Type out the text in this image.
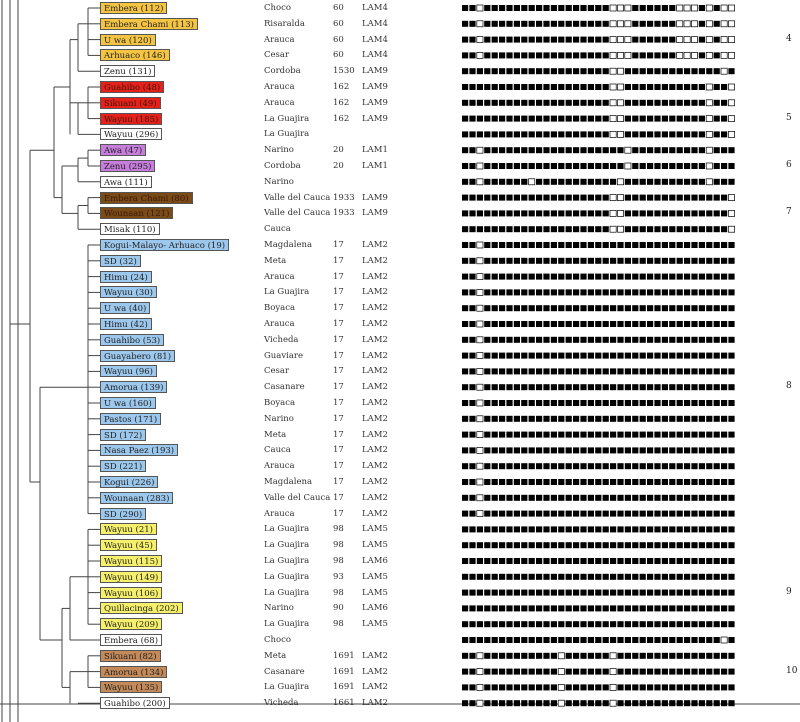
Embera (112)	Choco	60 LAM4
Embera Chami (113)	Risaralda	60 LAM4
U wa (120)	Arauca	60 LAM4
Arhuaco (146)	Cesar	60 LAM4
Zenu (131)	Cordoba	1530 LAM9
Guahibo (48)	Arauca	162 LAM9
Sikuani (49)	Arauca	162 LAM9
Wayuu (185)	La Guajira	162 LAM9
Wayuu (296)	La Guajira
Awa (47)	Narino	20 LAM1
Zenu (295)	Cordoba	20 LAM1
Awa (111)	Narino
Embera Chami (80)	Valle del Cauca 1933 LAM9
Wounaan (121)	Valle del Cauca 1933 LAM9
Misak (110)	Cauca
Kogui-Malayo- Arhuaco (19)	Magdalena 17 LAM2
SD (32)	Meta	17 LAM2
Himu (24)	Arauca	17 LAM2
Wayuu (30)	La Guajira	17 LAM2
U wa (40)	Boyaca	17 LAM2
Himu (42)	Arauca	17 LAM2
Guahibo (53)	Vicheda	17 LAM2
Guayabero (81)	Guaviare	17 LAM2
Wayuu (96)	Cesar	17 LAM2
Amorua (139)	Casanare	17 LAM2
U wa (160)	Boyaca	17 LAM2
Pastos (171)	Narino	17 LAM2
SD (172)	Meta	17 LAM2
Nasa Paez (193)	Cauca	17 LAM2
SD (221)	Arauca	17 LAM2
Kogui (226)	Magdalena 17 LAM2
Wounaan (283)	Valle del Cauca 17 LAM2
SD (290)	Arauca	17 LAM2
Wayuu (21)	La Guajira	98 LAM5
Wayuu (45)	La Guajira	98 LAM5
Wayuu (115)	La Guajira	98 LAM6
Wayuu (149)	La Guajira	93 LAM5
Wayuu (106)	La Guajira	98 LAM5
Quillacinga (202)	Narino	90 LAM6
Wayuu (209)	La Guajira	98 LAM5
Embera (68)	Choco
Sikuani (82)	Meta	1691 LAM2
Amorua (134)	Casanare	1691 LAM2
Wayuu (135)	La Guajira	1691 LAM2
Guahibo (200)	Vicheda	1661 LAM2
4
5
6
7
8
9
10
